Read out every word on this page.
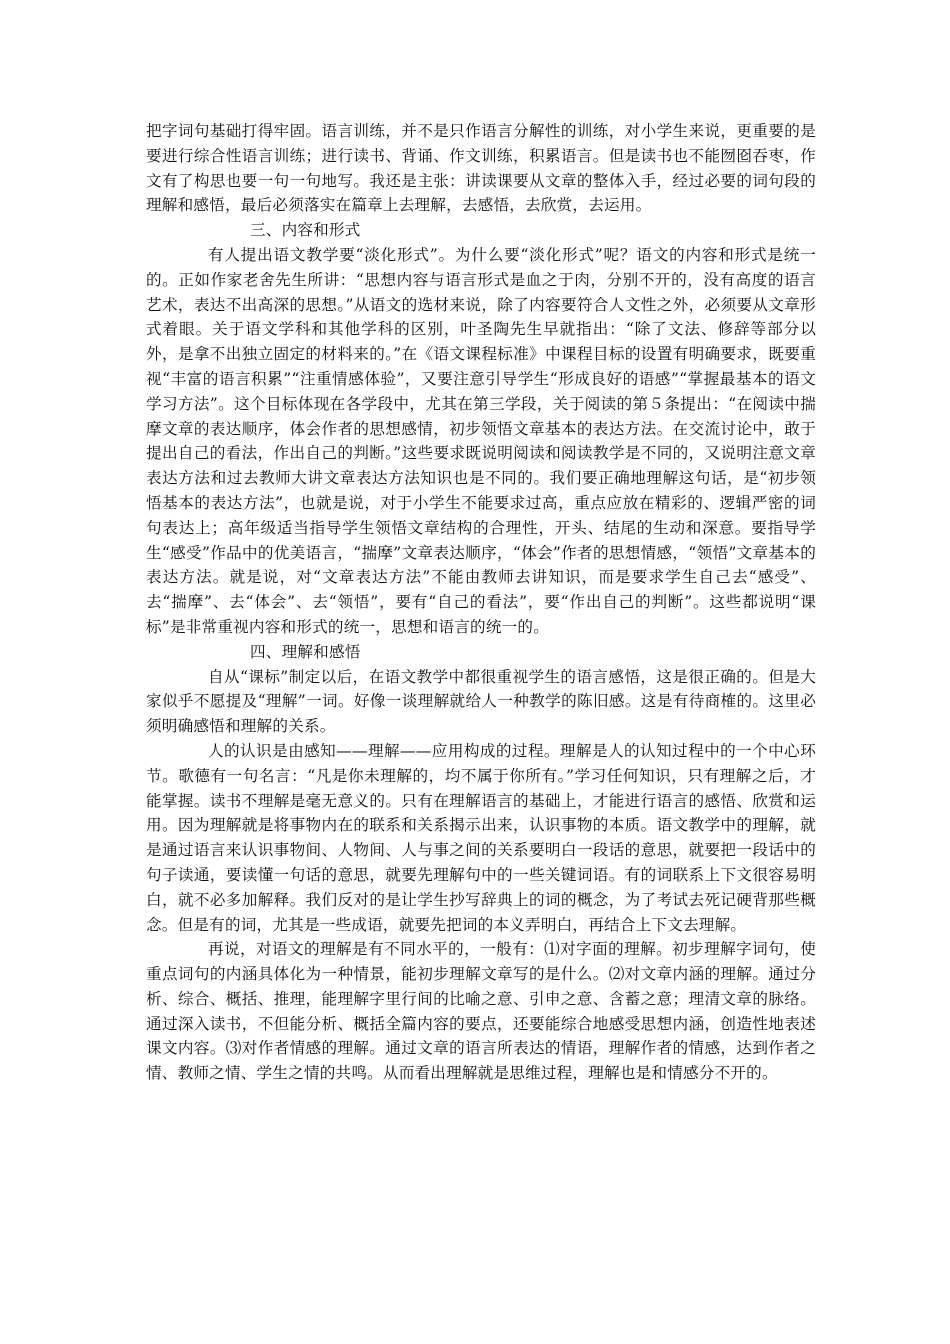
把字词句基础打得牢固。语言训练，并不是只作语言分解性的训练，对小学生来说，更重要的是要进行综合性语言训练；进行读书、背诵、作文训练，积累语言。但是读书也不能囫囵吞枣，作文有了构思也要一句一句地写。我还是主张：讲读课要从文章的整体入手，经过必要的词句段的理解和感悟，最后必须落实在篇章上去理解，去感悟，去欣赏，去运用。

三、内容和形式

有人提出语文教学要“淡化形式”。为什么要“淡化形式”呢？语文的内容和形式是统一的。正如作家老舍先生所讲：“思想内容与语言形式是血之于肉，分别不开的，没有高度的语言艺术，表达不出高深的思想。”从语文的选材来说，除了内容要符合人文性之外，必须要从文章形式着眼。关于语文学科和其他学科的区别，叶圣陶先生早就指出：“除了文法、修辞等部分以外，是拿不出独立固定的材料来的。”在《语文课程标准》中课程目标的设置有明确要求，既要重视“丰富的语言积累”“注重情感体验”，又要注意引导学生“形成良好的语感”“掌握最基本的语文学习方法”。这个目标体现在各学段中，尤其在第三学段，关于阅读的第５条提出：“在阅读中揣摩文章的表达顺序，体会作者的思想感情，初步领悟文章基本的表达方法。在交流讨论中，敢于提出自己的看法，作出自己的判断。”这些要求既说明阅读和阅读教学是不同的，又说明注意文章表达方法和过去教师大讲文章表达方法知识也是不同的。我们要正确地理解这句话，是“初步领悟基本的表达方法”，也就是说，对于小学生不能要求过高，重点应放在精彩的、逻辑严密的词句表达上；高年级适当指导学生领悟文章结构的合理性，开头、结尾的生动和深意。要指导学生“感受”作品中的优美语言，“揣摩”文章表达顺序，“体会”作者的思想情感，“领悟”文章基本的表达方法。就是说，对“文章表达方法”不能由教师去讲知识，而是要求学生自己去“感受”、去“揣摩”、去“体会”、去“领悟”，要有“自己的看法”，要“作出自己的判断”。这些都说明“课标”是非常重视内容和形式的统一，思想和语言的统一的。

四、理解和感悟

自从“课标”制定以后，在语文教学中都很重视学生的语言感悟，这是很正确的。但是大家似乎不愿提及“理解”一词。好像一谈理解就给人一种教学的陈旧感。这是有待商榷的。这里必须明确感悟和理解的关系。

人的认识是由感知——理解——应用构成的过程。理解是人的认知过程中的一个中心环节。歌德有一句名言：“凡是你未理解的，均不属于你所有。”学习任何知识，只有理解之后，才能掌握。读书不理解是毫无意义的。只有在理解语言的基础上，才能进行语言的感悟、欣赏和运用。因为理解就是将事物内在的联系和关系揭示出来，认识事物的本质。语文教学中的理解，就是通过语言来认识事物间、人物间、人与事之间的关系要明白一段话的意思，就要把一段话中的句子读通，要读懂一句话的意思，就要先理解句中的一些关键词语。有的词联系上下文很容易明白，就不必多加解释。我们反对的是让学生抄写辞典上的词的概念，为了考试去死记硬背那些概念。但是有的词，尤其是一些成语，就要先把词的本义弄明白，再结合上下文去理解。

再说，对语文的理解是有不同水平的，一般有：⑴对字面的理解。初步理解字词句，使重点词句的内涵具体化为一种情景，能初步理解文章写的是什么。⑵对文章内涵的理解。通过分析、综合、概括、推理，能理解字里行间的比喻之意、引申之意、含蓄之意；理清文章的脉络。通过深入读书，不但能分析、概括全篇内容的要点，还要能综合地感受思想内涵，创造性地表述课文内容。⑶对作者情感的理解。通过文章的语言所表达的情语，理解作者的情感，达到作者之情、教师之情、学生之情的共鸣。从而看出理解就是思维过程，理解也是和情感分不开的。
